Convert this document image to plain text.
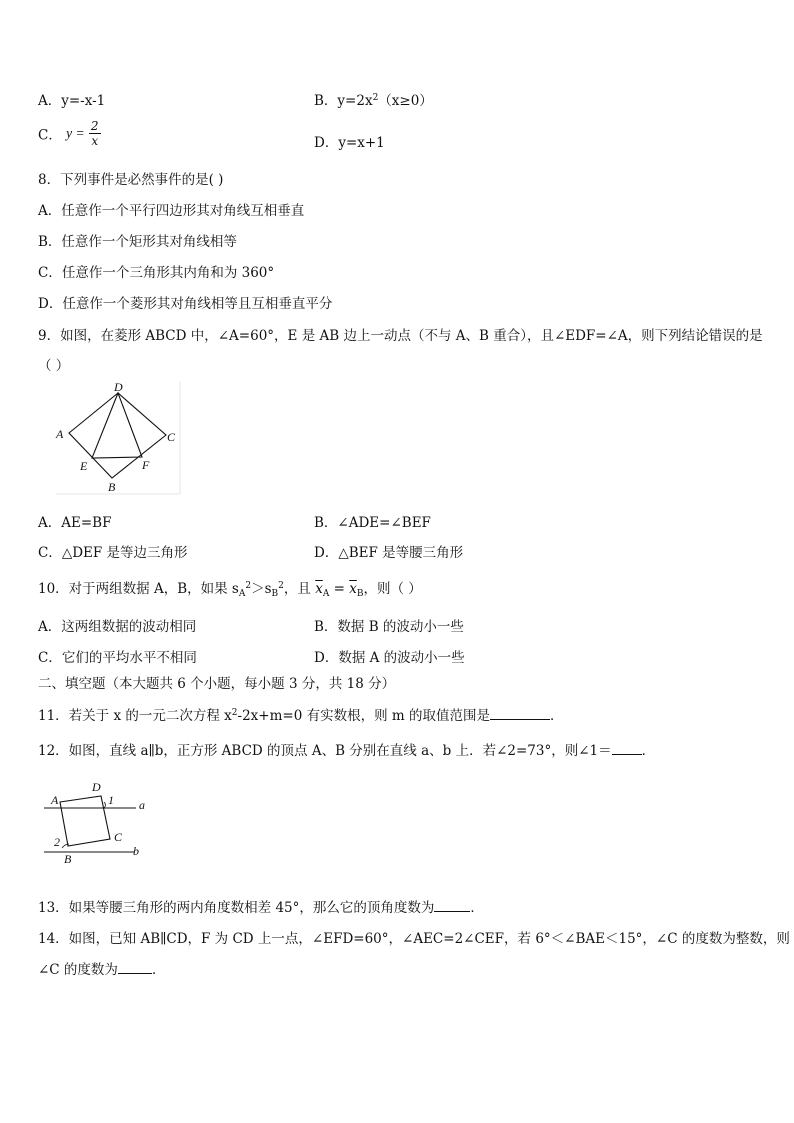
A．y=-x-1	B．$y=2x^2(x\ge 0)$
C． $y = \frac{2}{x}$	D．y=x+1
8．下列事件是必然事件的是( )
A．任意作一个平行四边形其对角线互相垂直
B．任意作一个矩形其对角线相等
C．任意作一个三角形其内角和为 360°
D．任意作一个菱形其对角线相等且互相垂直平分
9．如图，在菱形 ABCD 中，∠A=60°，E 是 AB 边上一动点（不与 A、B 重合），且∠EDF=∠A，则下列结论错误的是
（ ）
D
A	C
E	F
B
A．AE=BF	B．∠ADE=∠BEF
C．△DEF 是等边三角形	D．△BEF 是等腰三角形
10．对于两组数据 A，B，如果 $s_A^2>s_B^2$，且 $\overline{x}_A = \overline{x}_B$，则（ ）
A．这两组数据的波动相同	B．数据 B 的波动小一些
C．它们的平均水平不相同	D．数据 A 的波动小一些
二、填空题（本大题共 6 个小题，每小题 3 分，共 18 分）
11．若关于 x 的一元二次方程 $x^2-2x+m=0$ 有实数根，则 m 的取值范围是	．
12．如图，直线 a∥b，正方形 ABCD 的顶点 A、B 分别在直线 a、b 上．若∠2=73°，则∠1＝ ．
A
D
1 a
2	C
b
B
13．如果等腰三角形的两内角度数相差 45°，那么它的顶角度数为	．
14．如图，已知 AB∥CD，F 为 CD 上一点，∠EFD=60°，∠AEC=2∠CEF，若 6°＜∠BAE＜15°，∠C 的度数为整数，则
∠C 的度数为	．
